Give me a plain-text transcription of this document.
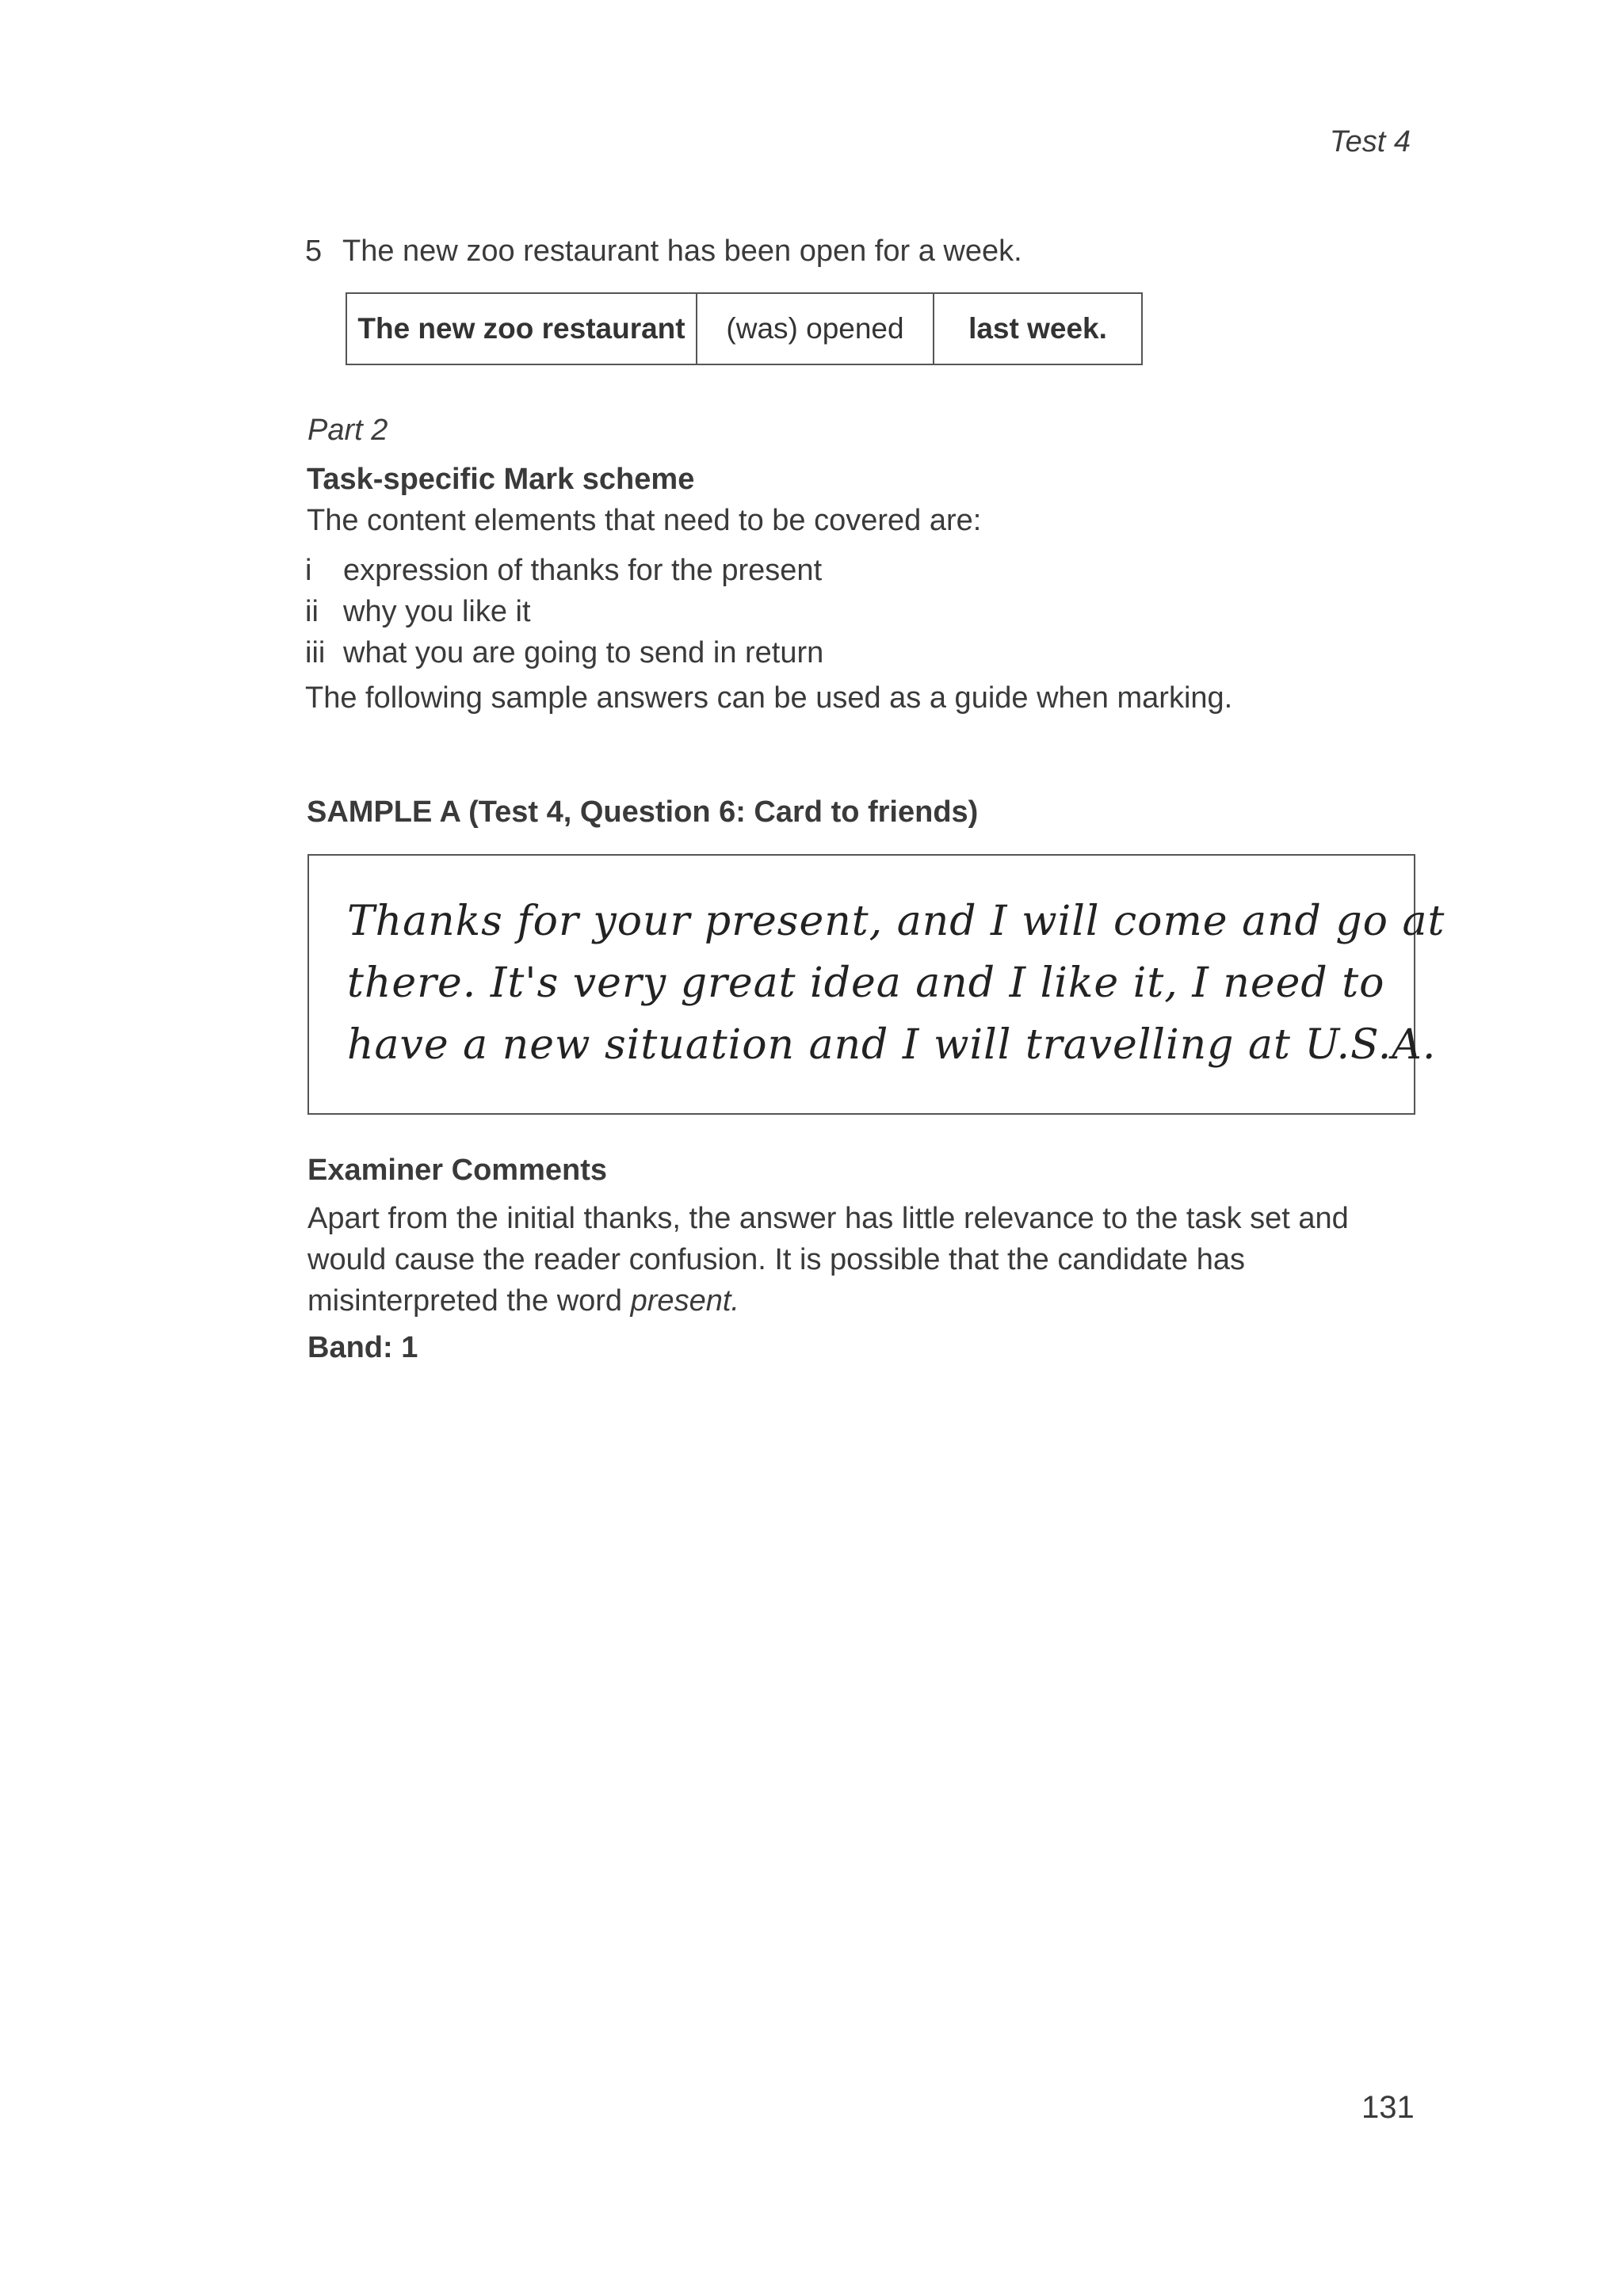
Test 4
5 The new zoo restaurant has been open for a week.
The new zoo restaurant	(was) opened	last week.
Part 2
Task-specific Mark scheme
The content elements that need to be covered are:
i	expression of thanks for the present
ii why you like it
iii what you are going to send in return
The following sample answers can be used as a guide when marking.
SAMPLE A (Test 4, Question 6: Card to friends)
Thanks for your present, and I will come and go at
there. It's very great idea and I like it, I need to
have a new situation and I will travelling at U.S.A.
Examiner Comments
Apart from the initial thanks, the answer has little relevance to the task set and
would cause the reader confusion. It is possible that the candidate has
misinterpreted the word present.
Band: 1
131
